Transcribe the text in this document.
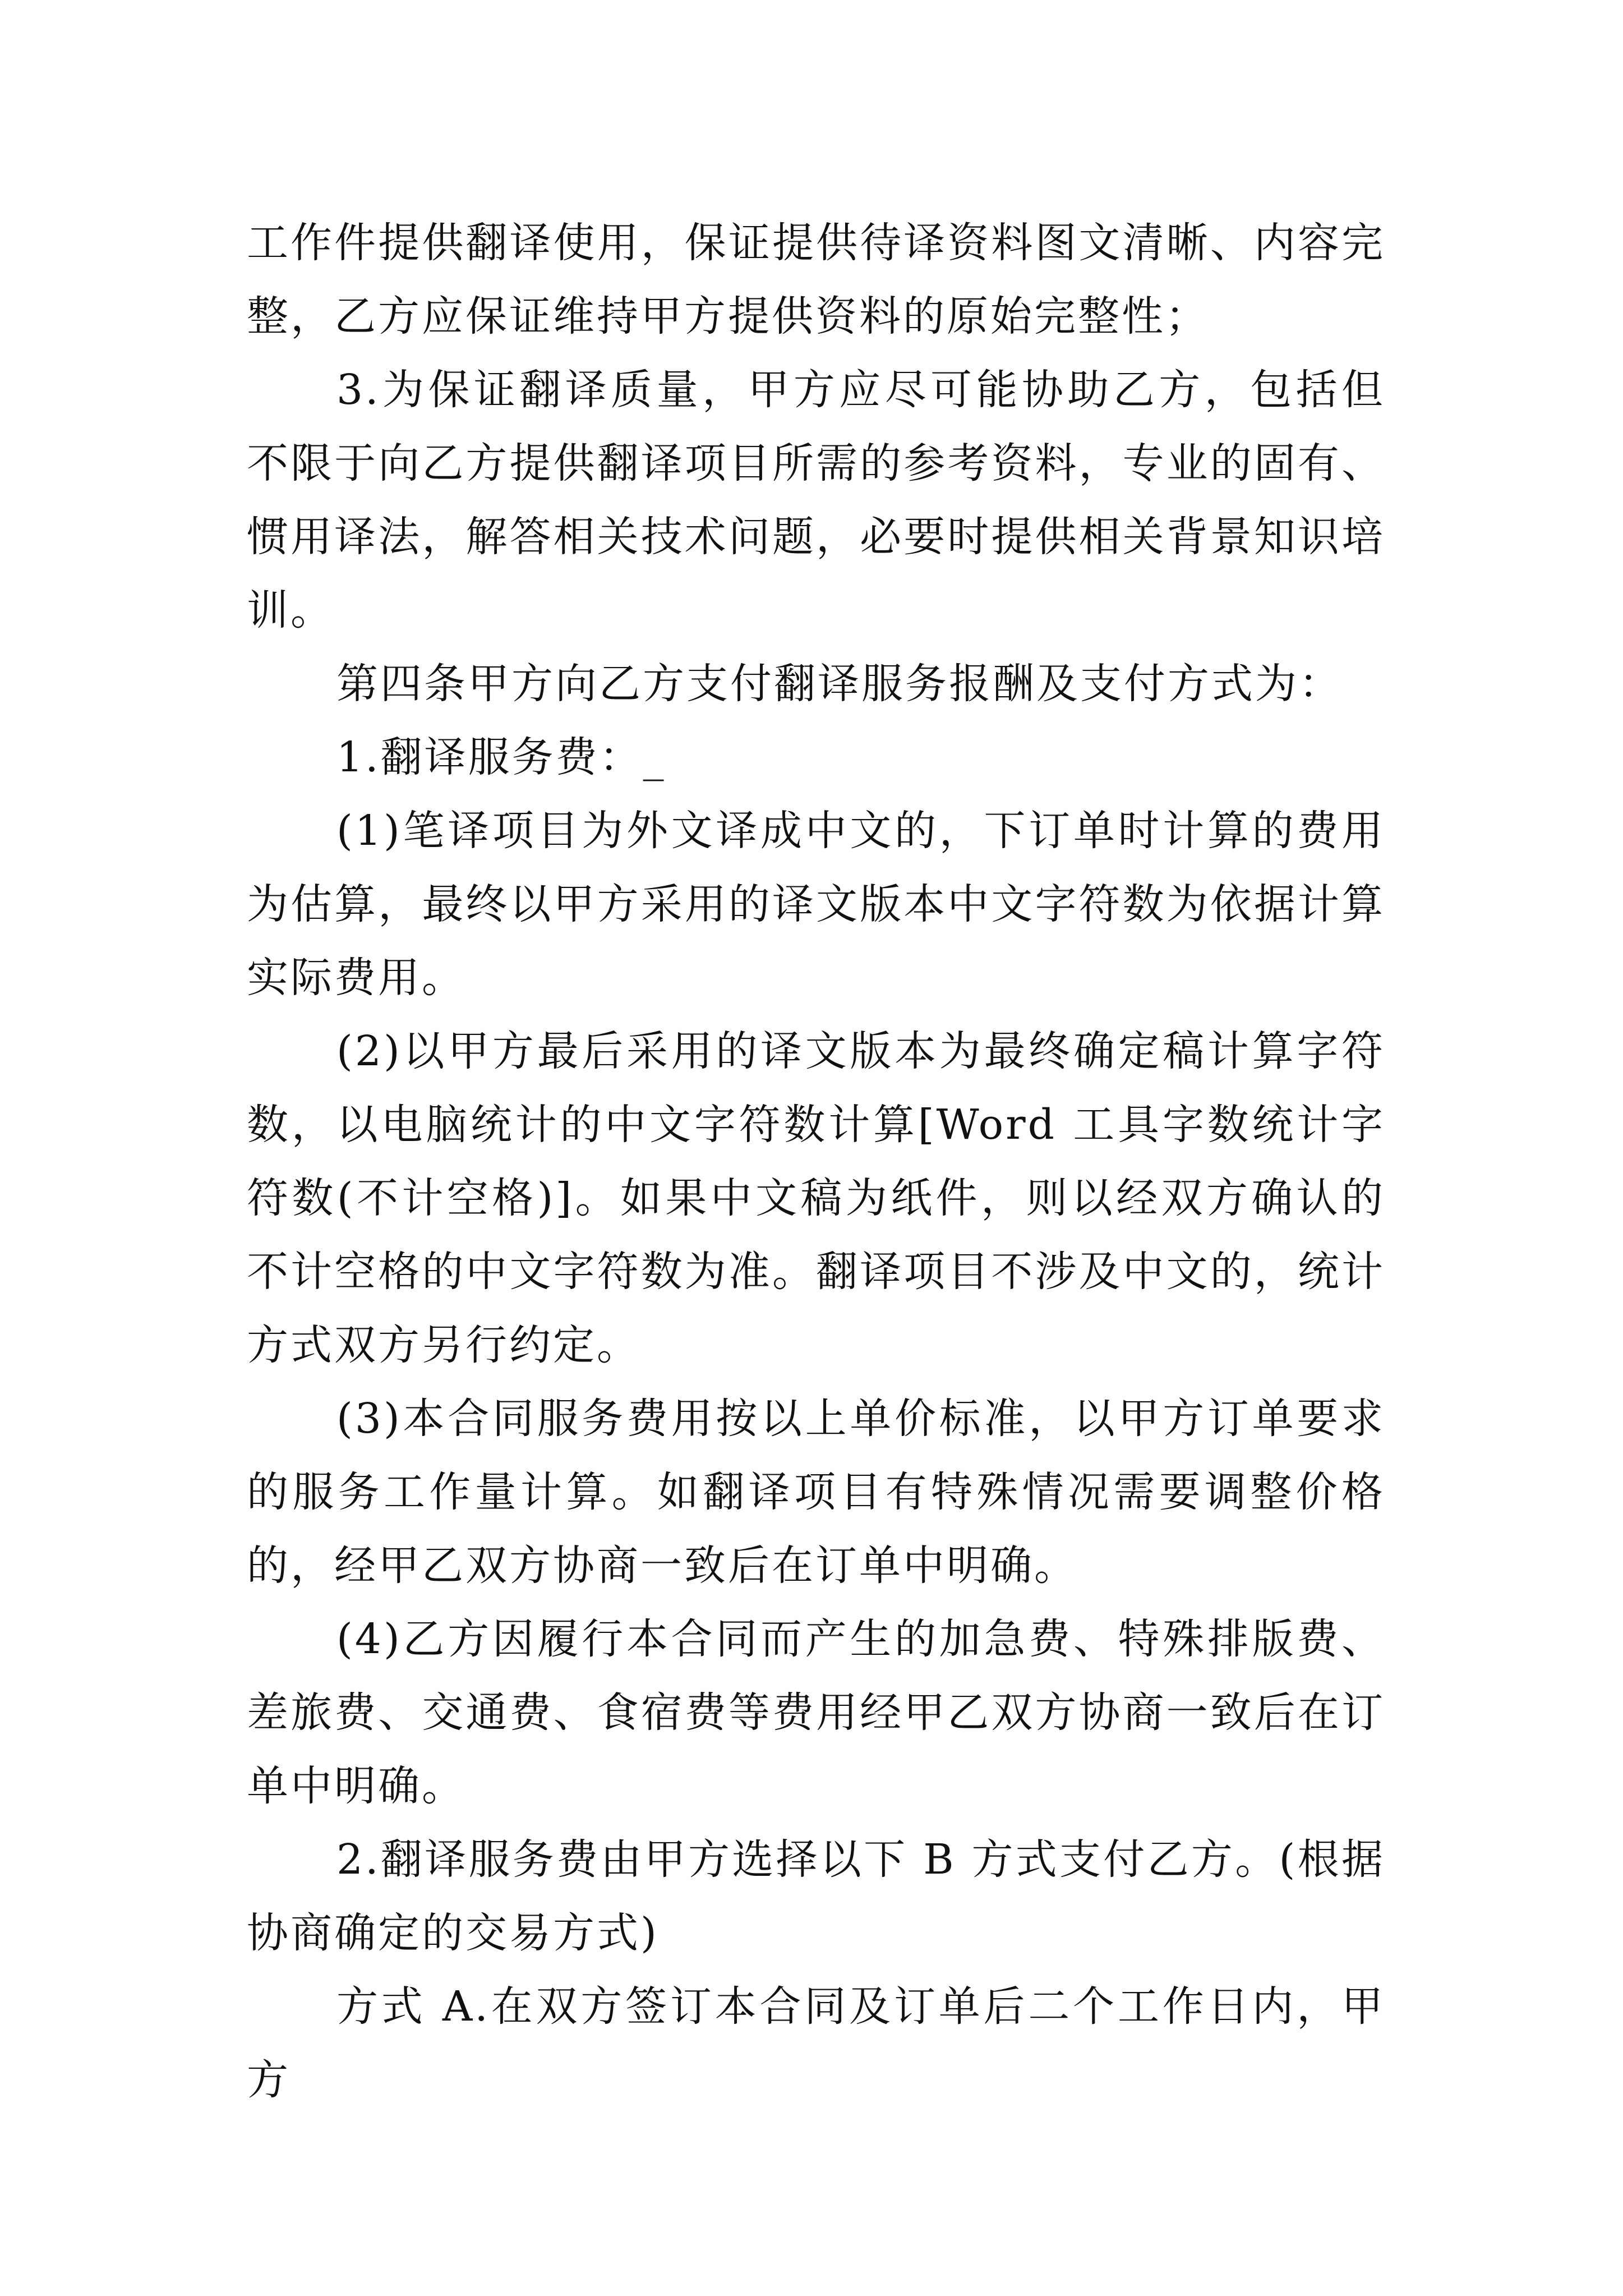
工作件提供翻译使用，保证提供待译资料图文清晰、内容完整，乙方应保证维持甲方提供资料的原始完整性；

3.为保证翻译质量，甲方应尽可能协助乙方，包括但不限于向乙方提供翻译项目所需的参考资料，专业的固有、惯用译法，解答相关技术问题，必要时提供相关背景知识培训。

第四条甲方向乙方支付翻译服务报酬及支付方式为：

1.翻译服务费：_

(1)笔译项目为外文译成中文的，下订单时计算的费用为估算，最终以甲方采用的译文版本中文字符数为依据计算实际费用。

(2)以甲方最后采用的译文版本为最终确定稿计算字符数，以电脑统计的中文字符数计算[Word 工具字数统计字符数(不计空格)]。如果中文稿为纸件，则以经双方确认的不计空格的中文字符数为准。翻译项目不涉及中文的，统计方式双方另行约定。

(3)本合同服务费用按以上单价标准，以甲方订单要求的服务工作量计算。如翻译项目有特殊情况需要调整价格的，经甲乙双方协商一致后在订单中明确。

(4)乙方因履行本合同而产生的加急费、特殊排版费、差旅费、交通费、食宿费等费用经甲乙双方协商一致后在订单中明确。

2.翻译服务费由甲方选择以下 B 方式支付乙方。(根据协商确定的交易方式)

方式 A.在双方签订本合同及订单后二个工作日内，甲方
